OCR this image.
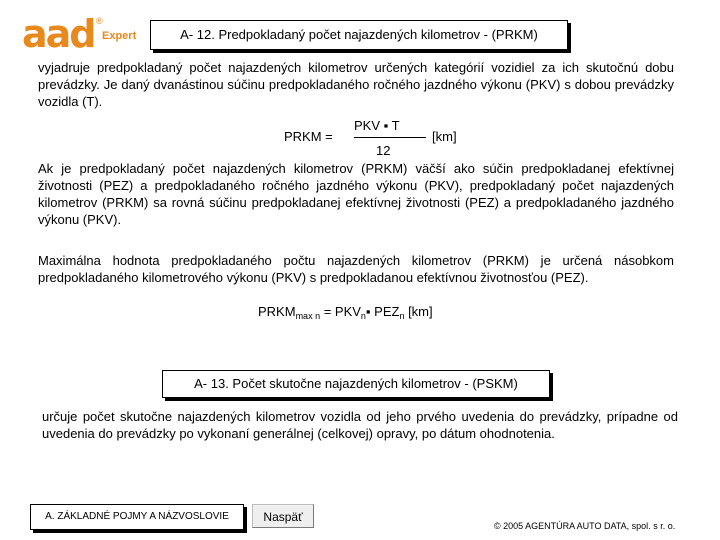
aad ®
Expert	A- 12. Predpokladaný počet najazdených kilometrov - (PRKM)

vyjadruje predpokladaný počet najazdených kilometrov určených kategórií vozidiel za ich skutočnú dobu prevádzky. Je daný dvanástinou súčinu predpokladaného ročného jazdného výkonu (PKV) s dobou prevádzky vozidla (T).

PRKM =
PKV ▪ T
12
[km]

Ak je predpokladaný počet najazdených kilometrov (PRKM) väčší ako súčin predpokladanej efektívnej životnosti (PEZ) a predpokladaného ročného jazdného výkonu (PKV), predpokladaný počet najazdených kilometrov (PRKM) sa rovná súčinu predpokladanej efektívnej životnosti (PEZ) a predpokladaného jazdného výkonu (PKV).

Maximálna hodnota predpokladaného počtu najazdených kilometrov (PRKM) je určená násobkom predpokladaného kilometrového výkonu (PKV) s predpokladanou efektívnou životnosťou (PEZ).

$PRKM_{max n}$ = $PKV_n▪$ $PEZ_n$ [km]
A- 13. Počet skutočne najazdených kilometrov - (PSKM)

určuje počet skutočne najazdených kilometrov vozidla od jeho prvého uvedenia do prevádzky, prípadne od uvedenia do prevádzky po vykonaní generálnej (celkovej) opravy, po dátum ohodnotenia.

A. ZÁKLADNÉ POJMY A NÁZVOSLOVIE	Naspäť
© 2005 AGENTÚRA AUTO DATA, spol. s r. o.
